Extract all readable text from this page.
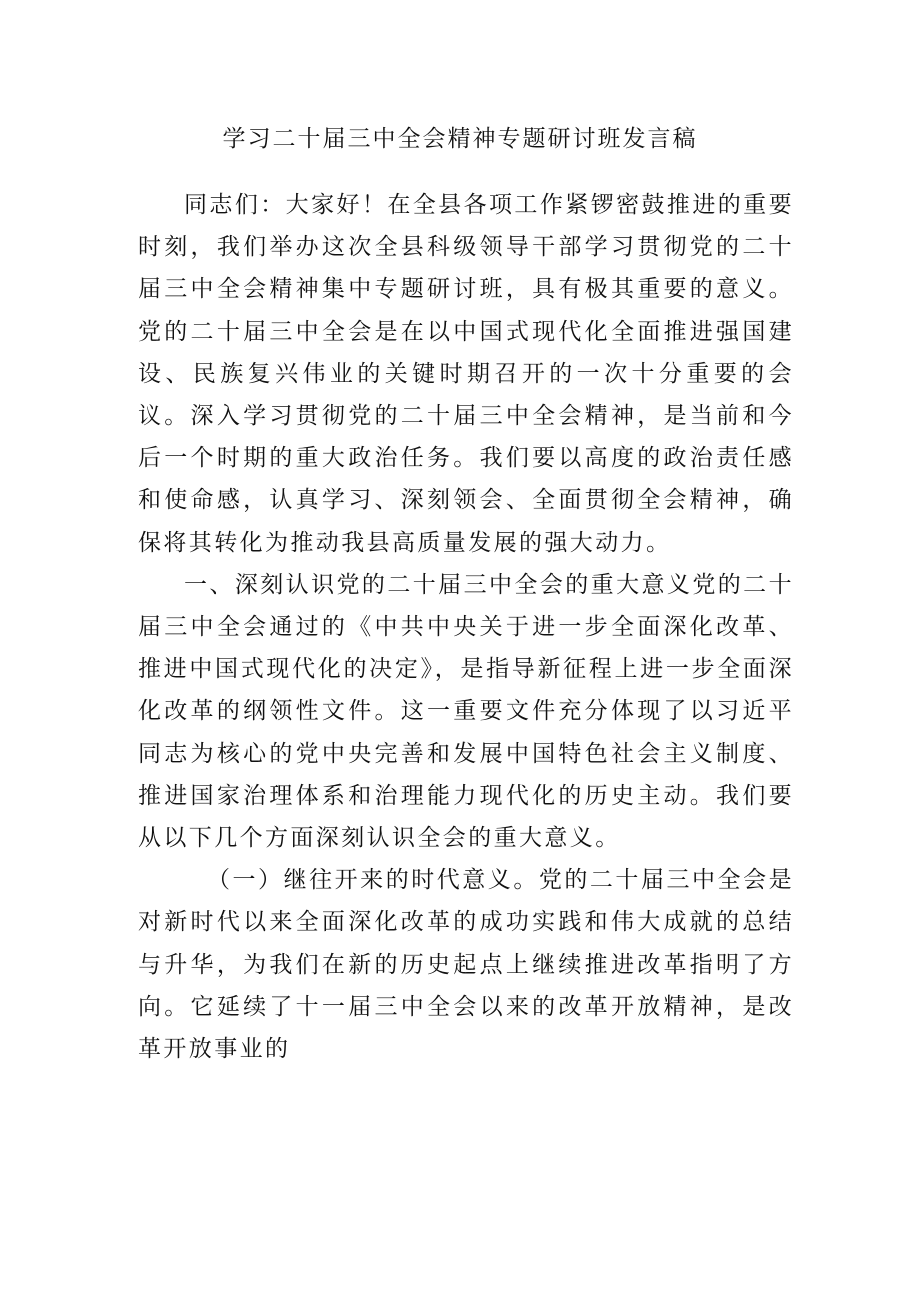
学习二十届三中全会精神专题研讨班发言稿

同志们：大家好！在全县各项工作紧锣密鼓推进的重要时刻，我们举办这次全县科级领导干部学习贯彻党的二十届三中全会精神集中专题研讨班，具有极其重要的意义。党的二十届三中全会是在以中国式现代化全面推进强国建设、民族复兴伟业的关键时期召开的一次十分重要的会议。深入学习贯彻党的二十届三中全会精神，是当前和今后一个时期的重大政治任务。我们要以高度的政治责任感和使命感，认真学习、深刻领会、全面贯彻全会精神，确保将其转化为推动我县高质量发展的强大动力。

一、深刻认识党的二十届三中全会的重大意义党的二十届三中全会通过的《中共中央关于进一步全面深化改革、推进中国式现代化的决定》，是指导新征程上进一步全面深化改革的纲领性文件。这一重要文件充分体现了以习近平同志为核心的党中央完善和发展中国特色社会主义制度、推进国家治理体系和治理能力现代化的历史主动。我们要从以下几个方面深刻认识全会的重大意义。

（一）继往开来的时代意义。党的二十届三中全会是对新时代以来全面深化改革的成功实践和伟大成就的总结与升华，为我们在新的历史起点上继续推进改革指明了方向。它延续了十一届三中全会以来的改革开放精神，是改革开放事业的
